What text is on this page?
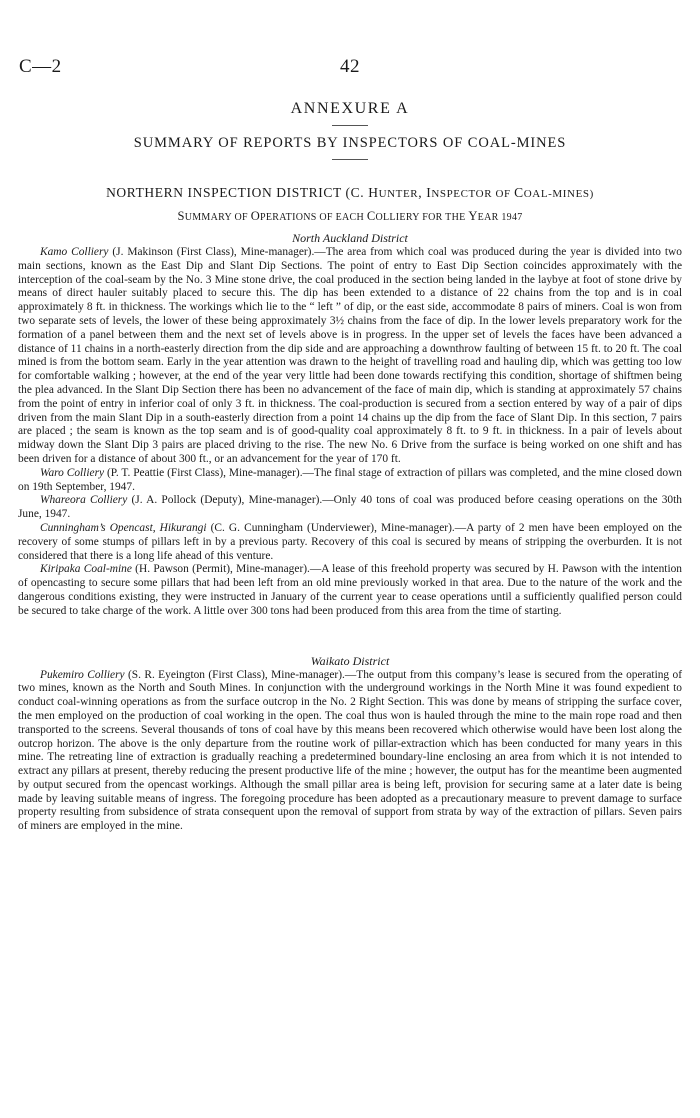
42
C—2
ANNEXURE A
SUMMARY OF REPORTS BY INSPECTORS OF COAL-MINES
NORTHERN INSPECTION DISTRICT (C. HUNTER, INSPECTOR OF COAL-MINES)
SUMMARY OF OPERATIONS OF EACH COLLIERY FOR THE YEAR 1947
North Auckland District

Kamo Colliery (J. Makinson (First Class), Mine-manager).—The area from which coal was produced during the year is divided into two main sections, known as the East Dip and Slant Dip Sections. The point of entry to East Dip Section coincides approximately with the interception of the coal-seam by the No. 3 Mine stone drive, the coal produced in the section being landed in the laybye at foot of stone drive by means of direct hauler suitably placed to secure this. The dip has been extended to a distance of 22 chains from the top and is in coal approximately 8 ft. in thickness. The workings which lie to the “ left ” of dip, or the east side, accommodate 8 pairs of miners. Coal is won from two separate sets of levels, the lower of these being approximately 3½ chains from the face of dip. In the lower levels preparatory work for the formation of a panel between them and the next set of levels above is in progress. In the upper set of levels the faces have been advanced a distance of 11 chains in a north-easterly direction from the dip side and are approaching a downthrow faulting of between 15 ft. to 20 ft. The coal mined is from the bottom seam. Early in the year attention was drawn to the height of travelling road and hauling dip, which was getting too low for comfortable walking ; however, at the end of the year very little had been done towards rectifying this condition, shortage of shiftmen being the plea advanced. In the Slant Dip Section there has been no advancement of the face of main dip, which is standing at approximately 57 chains from the point of entry in inferior coal of only 3 ft. in thickness. The coal-production is secured from a section entered by way of a pair of dips driven from the main Slant Dip in a south-easterly direction from a point 14 chains up the dip from the face of Slant Dip. In this section, 7 pairs are placed ; the seam is known as the top seam and is of good-quality coal approximately 8 ft. to 9 ft. in thickness. In a pair of levels about midway down the Slant Dip 3 pairs are placed driving to the rise. The new No. 6 Drive from the surface is being worked on one shift and has been driven for a distance of about 300 ft., or an advancement for the year of 170 ft.

Waro Colliery (P. T. Peattie (First Class), Mine-manager).—The final stage of extraction of pillars was completed, and the mine closed down on 19th September, 1947.

Whareora Colliery (J. A. Pollock (Deputy), Mine-manager).—Only 40 tons of coal was produced before ceasing operations on the 30th June, 1947.

Cunningham’s Opencast, Hikurangi (C. G. Cunningham (Underviewer), Mine-manager).—A party of 2 men have been employed on the recovery of some stumps of pillars left in by a previous party. Recovery of this coal is secured by means of stripping the overburden. It is not considered that there is a long life ahead of this venture.

Kiripaka Coal-mine (H. Pawson (Permit), Mine-manager).—A lease of this freehold property was secured by H. Pawson with the intention of opencasting to secure some pillars that had been left from an old mine previously worked in that area. Due to the nature of the work and the dangerous conditions existing, they were instructed in January of the current year to cease operations until a sufficiently qualified person could be secured to take charge of the work. A little over 300 tons had been produced from this area from the time of starting.

Waikato District

Pukemiro Colliery (S. R. Eyeington (First Class), Mine-manager).—The output from this company’s lease is secured from the operating of two mines, known as the North and South Mines. In conjunction with the underground workings in the North Mine it was found expedient to conduct coal-winning operations as from the surface outcrop in the No. 2 Right Section. This was done by means of stripping the surface cover, the men employed on the production of coal working in the open. The coal thus won is hauled through the mine to the main rope road and then transported to the screens. Several thousands of tons of coal have by this means been recovered which otherwise would have been lost along the outcrop horizon. The above is the only departure from the routine work of pillar-extraction which has been conducted for many years in this mine. The retreating line of extraction is gradually reaching a predetermined boundary-line enclosing an area from which it is not intended to extract any pillars at present, thereby reducing the present productive life of the mine ; however, the output has for the meantime been augmented by output secured from the opencast workings. Although the small pillar area is being left, provision for securing same at a later date is being made by leaving suitable means of ingress. The foregoing procedure has been adopted as a precautionary measure to prevent damage to surface property resulting from subsidence of strata consequent upon the removal of support from strata by way of the extraction of pillars. Seven pairs of miners are employed in the mine.
